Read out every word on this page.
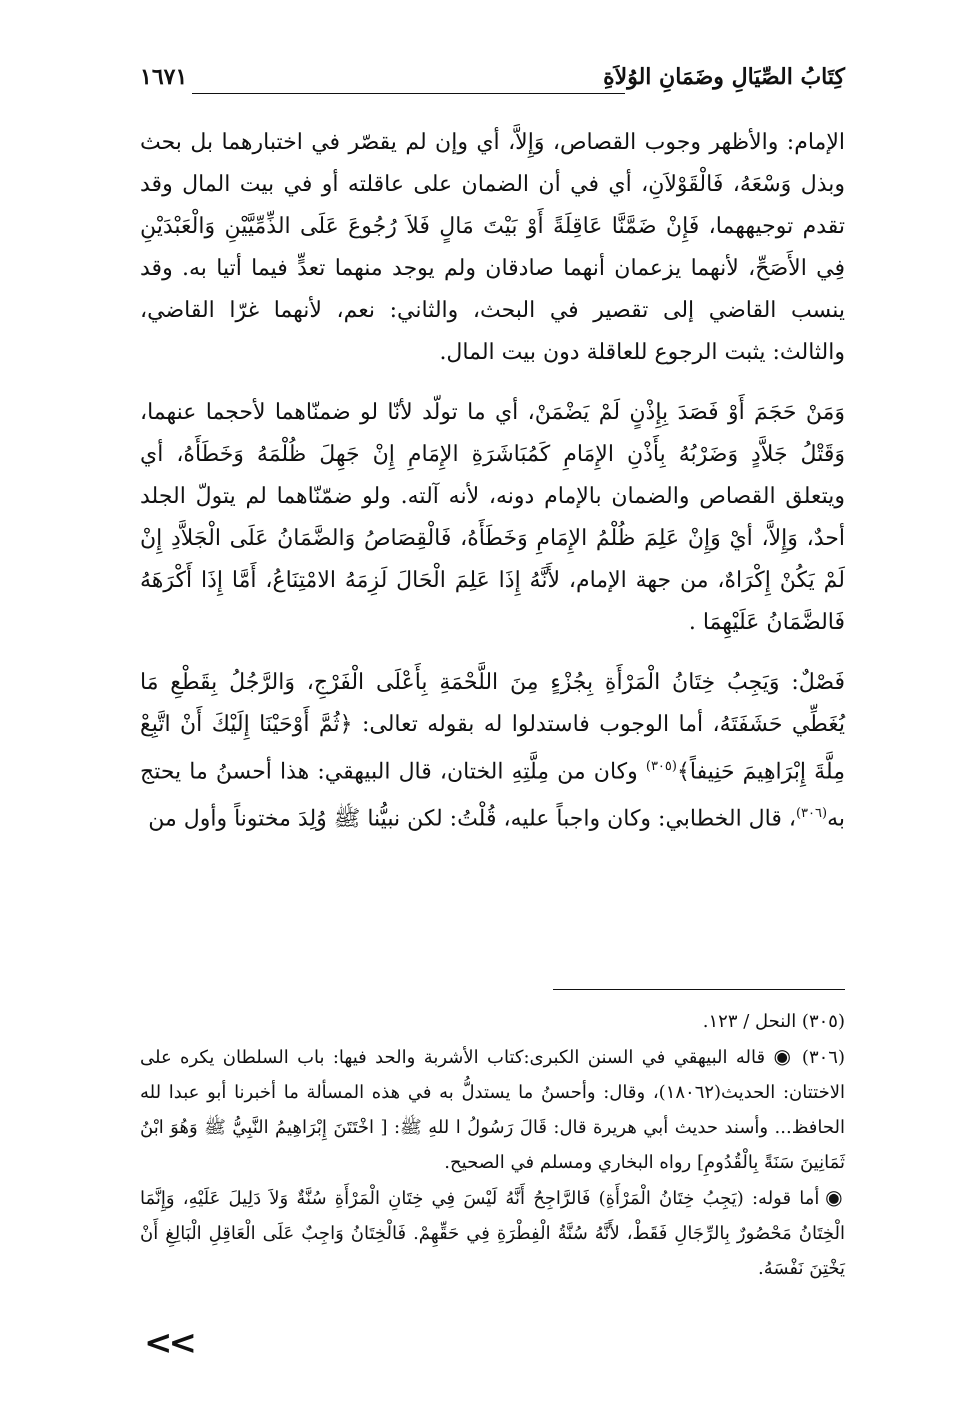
كِتَابُ الصِّيَالِ وضَمَانِ الوُلاَةِ
١٦٧١

الإمام: والأظهر وجوب القصاص، وَإِلاَّ، أي وإن لم يقصّر في اختبارهما بل بحث وبذل وَسْعَهُ، فَالْقَوْلاَنِ، أي في أن الضمان على عاقلته أو في بيت المال وقد تقدم توجيههما، فَإِنْ ضَمَّنَّا عَاقِلَةً أَوْ بَيْتَ مَالٍ فَلاَ رُجُوعَ عَلَى الذِّمِّيَّيْنِ وَالْعَبْدَيْنِ فِي الأَصَحِّ، لأنهما يزعمان أنهما صادقان ولم يوجد منهما تعدٍّ فيما أتيا به. وقد ينسب القاضي إلى تقصير في البحث، والثاني: نعم، لأنهما غرّا القاضي، والثالث: يثبت الرجوع للعاقلة دون بيت المال.

وَمَنْ حَجَمَ أَوْ فَصَدَ بِإِذْنٍ لَمْ يَضْمَنْ، أي ما تولّد لأنّا لو ضمنّاهما لأحجما عنهما، وَقَتْلُ جَلاَّدٍ وَضَرْبُهُ بِأَذْنِ الإِمَامِ كَمُبَاشَرَةِ الإِمَامِ إِنْ جَهِلَ ظُلْمَهُ وَخَطَأَهُ، أي ويتعلق القصاص والضمان بالإمام دونه، لأنه آلته. ولو ضمّنّاهما لم يتولّ الجلد أحدٌ، وَإِلاَّ، أيْ وَإِنْ عَلِمَ ظُلْمُ الإِمَامِ وَخَطَأَهُ، فَالْقِصَاصُ وَالضَّمَانُ عَلَى الْجَلاَّدِ إِنْ لَمْ يَكُنْ إِكْرَاهٌ، من جهة الإمام، لأَنَّهُ إِذَا عَلِمَ الْحَالَ لَزِمَهُ الامْتِنَاعُ، أَمَّا إِذَا أَكْرَهَهُ فَالضَّمَانُ عَلَيْهِمَا .

فَصْلٌ: وَيَجِبُ خِتَانُ الْمَرْأَةِ بِجُزْءٍ مِنَ اللَّحْمَةِ بِأَعْلَى الْفَرْجِ، وَالرَّجُلُ بِقَطْعِ مَا يُغَطِّي حَشَفَتَهُ، أما الوجوب فاستدلوا له بقوله تعالى: ﴿ثُمَّ أَوْحَيْنَا إِلَيْكَ أَنْ اتَّبِعْ مِلَّةَ إِبْرَاهِيمَ حَنِيفاً﴾$^{(٣٠٥)}$ وكان من مِلَّتِهِ الختان، قال البيهقي: هذا أحسنُ ما يحتج به$^{(٣٠٦)}$، قال الخطابي: وكان واجباً عليه، قُلْتُ: لكن نبيُّنا ﷺ وُلِدَ مختوناً وأول من

(٣٠٥) النحل / ١٢٣.

(٣٠٦) ◉ قاله البيهقي في السنن الكبرى:كتاب الأشربة والحد فيها: باب السلطان يكره على الاختتان: الحديث(١٨٠٦٢)، وقال: وأحسنُ ما يستدلُّ به في هذه المسألة ما أخبرنا أبو عبدا لله الحافظ... وأسند حديث أبي هريرة قال: قَالَ رَسُولُ ا للهِ ﷺ: [ اخْتَتَنَ إِبْرَاهِيمُ النَّبِيُّ ﷺ وَهُوَ ابْنُ ثَمَانِينَ سَنَةً بِالْقُدُومِ] رواه البخاري ومسلم في الصحيح.

◉ أما قوله: (يَجِبُ خِتَانُ الْمَرْأَةِ) فَالرَّاجِحُ أَنَّهُ لَيْسَ فِي خِتَانِ الْمَرْأَةِ سُنَّةٌ وَلاَ دَلِيلَ عَلَيْهِ، وَإِنَّمَا الْخِتَانُ مَحْصُورٌ بِالرِّجَالِ فَقَطْ، لأَنَّهُ سُنَّةُ الْفِطْرَةِ فِي حَقِّهِمْ. فَالْخِتَانُ وَاجِبٌ عَلَى الْعَاقِلِ الْبَالِغِ أَنْ يَخْتِنَ نَفْسَهُ.

<<
